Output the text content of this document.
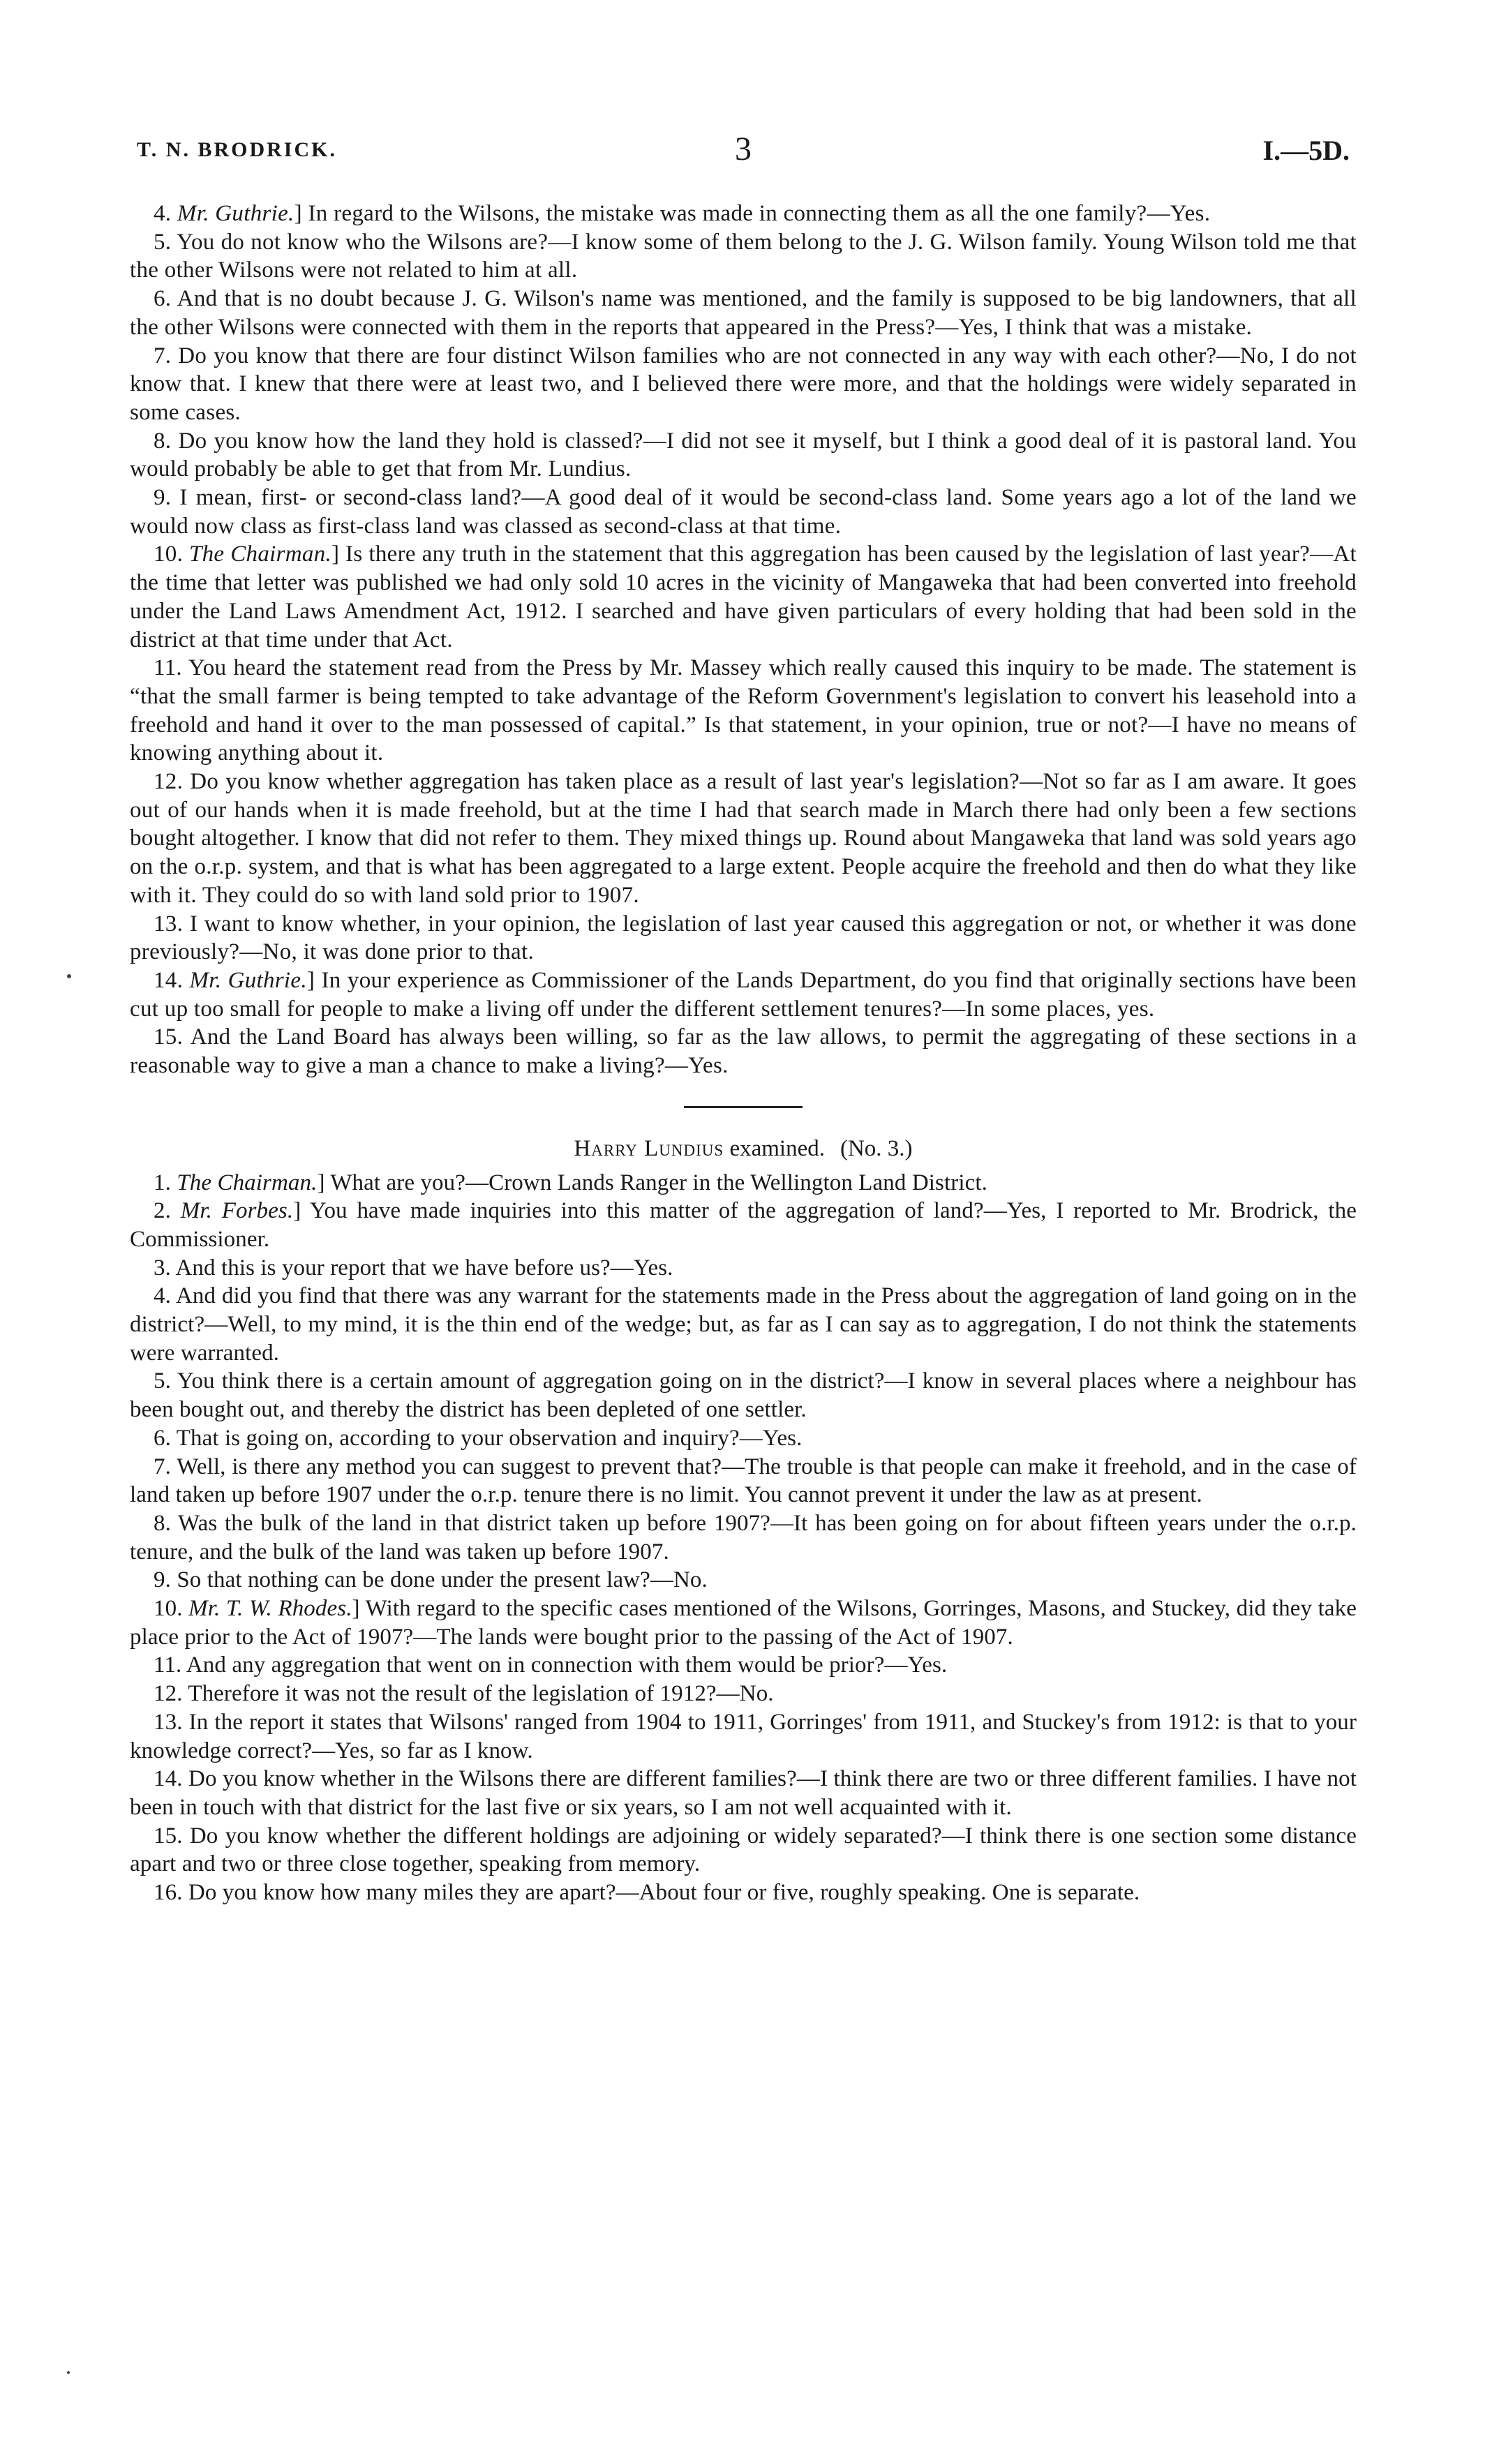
T. N. BRODRICK.	3	I.—5D.

4. Mr. Guthrie.] In regard to the Wilsons, the mistake was made in connecting them as all the one family?—Yes.

5. You do not know who the Wilsons are?—I know some of them belong to the J. G. Wilson family. Young Wilson told me that the other Wilsons were not related to him at all.

6. And that is no doubt because J. G. Wilson's name was mentioned, and the family is supposed to be big landowners, that all the other Wilsons were connected with them in the reports that appeared in the Press?—Yes, I think that was a mistake.

7. Do you know that there are four distinct Wilson families who are not connected in any way with each other?—No, I do not know that. I knew that there were at least two, and I believed there were more, and that the holdings were widely separated in some cases.

8. Do you know how the land they hold is classed?—I did not see it myself, but I think a good deal of it is pastoral land. You would probably be able to get that from Mr. Lundius.

9. I mean, first- or second-class land?—A good deal of it would be second-class land. Some years ago a lot of the land we would now class as first-class land was classed as second-class at that time.

10. The Chairman.] Is there any truth in the statement that this aggregation has been caused by the legislation of last year?—At the time that letter was published we had only sold 10 acres in the vicinity of Mangaweka that had been converted into freehold under the Land Laws Amendment Act, 1912. I searched and have given particulars of every holding that had been sold in the district at that time under that Act.

11. You heard the statement read from the Press by Mr. Massey which really caused this inquiry to be made. The statement is “that the small farmer is being tempted to take advantage of the Reform Government's legislation to convert his leasehold into a freehold and hand it over to the man possessed of capital.” Is that statement, in your opinion, true or not?—I have no means of knowing anything about it.

12. Do you know whether aggregation has taken place as a result of last year's legislation?—Not so far as I am aware. It goes out of our hands when it is made freehold, but at the time I had that search made in March there had only been a few sections bought altogether. I know that did not refer to them. They mixed things up. Round about Mangaweka that land was sold years ago on the o.r.p. system, and that is what has been aggregated to a large extent. People acquire the freehold and then do what they like with it. They could do so with land sold prior to 1907.

13. I want to know whether, in your opinion, the legislation of last year caused this aggregation or not, or whether it was done previously?—No, it was done prior to that.

14. Mr. Guthrie.] In your experience as Commissioner of the Lands Department, do you find that originally sections have been cut up too small for people to make a living off under the different settlement tenures?—In some places, yes.

15. And the Land Board has always been willing, so far as the law allows, to permit the aggregating of these sections in a reasonable way to give a man a chance to make a living?—Yes.

Harry Lundius examined. (No. 3.)

1. The Chairman.] What are you?—Crown Lands Ranger in the Wellington Land District.

2. Mr. Forbes.] You have made inquiries into this matter of the aggregation of land?—Yes, I reported to Mr. Brodrick, the Commissioner.

3. And this is your report that we have before us?—Yes.

4. And did you find that there was any warrant for the statements made in the Press about the aggregation of land going on in the district?—Well, to my mind, it is the thin end of the wedge; but, as far as I can say as to aggregation, I do not think the statements were warranted.

5. You think there is a certain amount of aggregation going on in the district?—I know in several places where a neighbour has been bought out, and thereby the district has been depleted of one settler.

6. That is going on, according to your observation and inquiry?—Yes.

7. Well, is there any method you can suggest to prevent that?—The trouble is that people can make it freehold, and in the case of land taken up before 1907 under the o.r.p. tenure there is no limit. You cannot prevent it under the law as at present.

8. Was the bulk of the land in that district taken up before 1907?—It has been going on for about fifteen years under the o.r.p. tenure, and the bulk of the land was taken up before 1907.

9. So that nothing can be done under the present law?—No.

10. Mr. T. W. Rhodes.] With regard to the specific cases mentioned of the Wilsons, Gorringes, Masons, and Stuckey, did they take place prior to the Act of 1907?—The lands were bought prior to the passing of the Act of 1907.

11. And any aggregation that went on in connection with them would be prior?—Yes.

12. Therefore it was not the result of the legislation of 1912?—No.

13. In the report it states that Wilsons' ranged from 1904 to 1911, Gorringes' from 1911, and Stuckey's from 1912: is that to your knowledge correct?—Yes, so far as I know.

14. Do you know whether in the Wilsons there are different families?—I think there are two or three different families. I have not been in touch with that district for the last five or six years, so I am not well acquainted with it.

15. Do you know whether the different holdings are adjoining or widely separated?—I think there is one section some distance apart and two or three close together, speaking from memory.

16. Do you know how many miles they are apart?—About four or five, roughly speaking. One is separate.
